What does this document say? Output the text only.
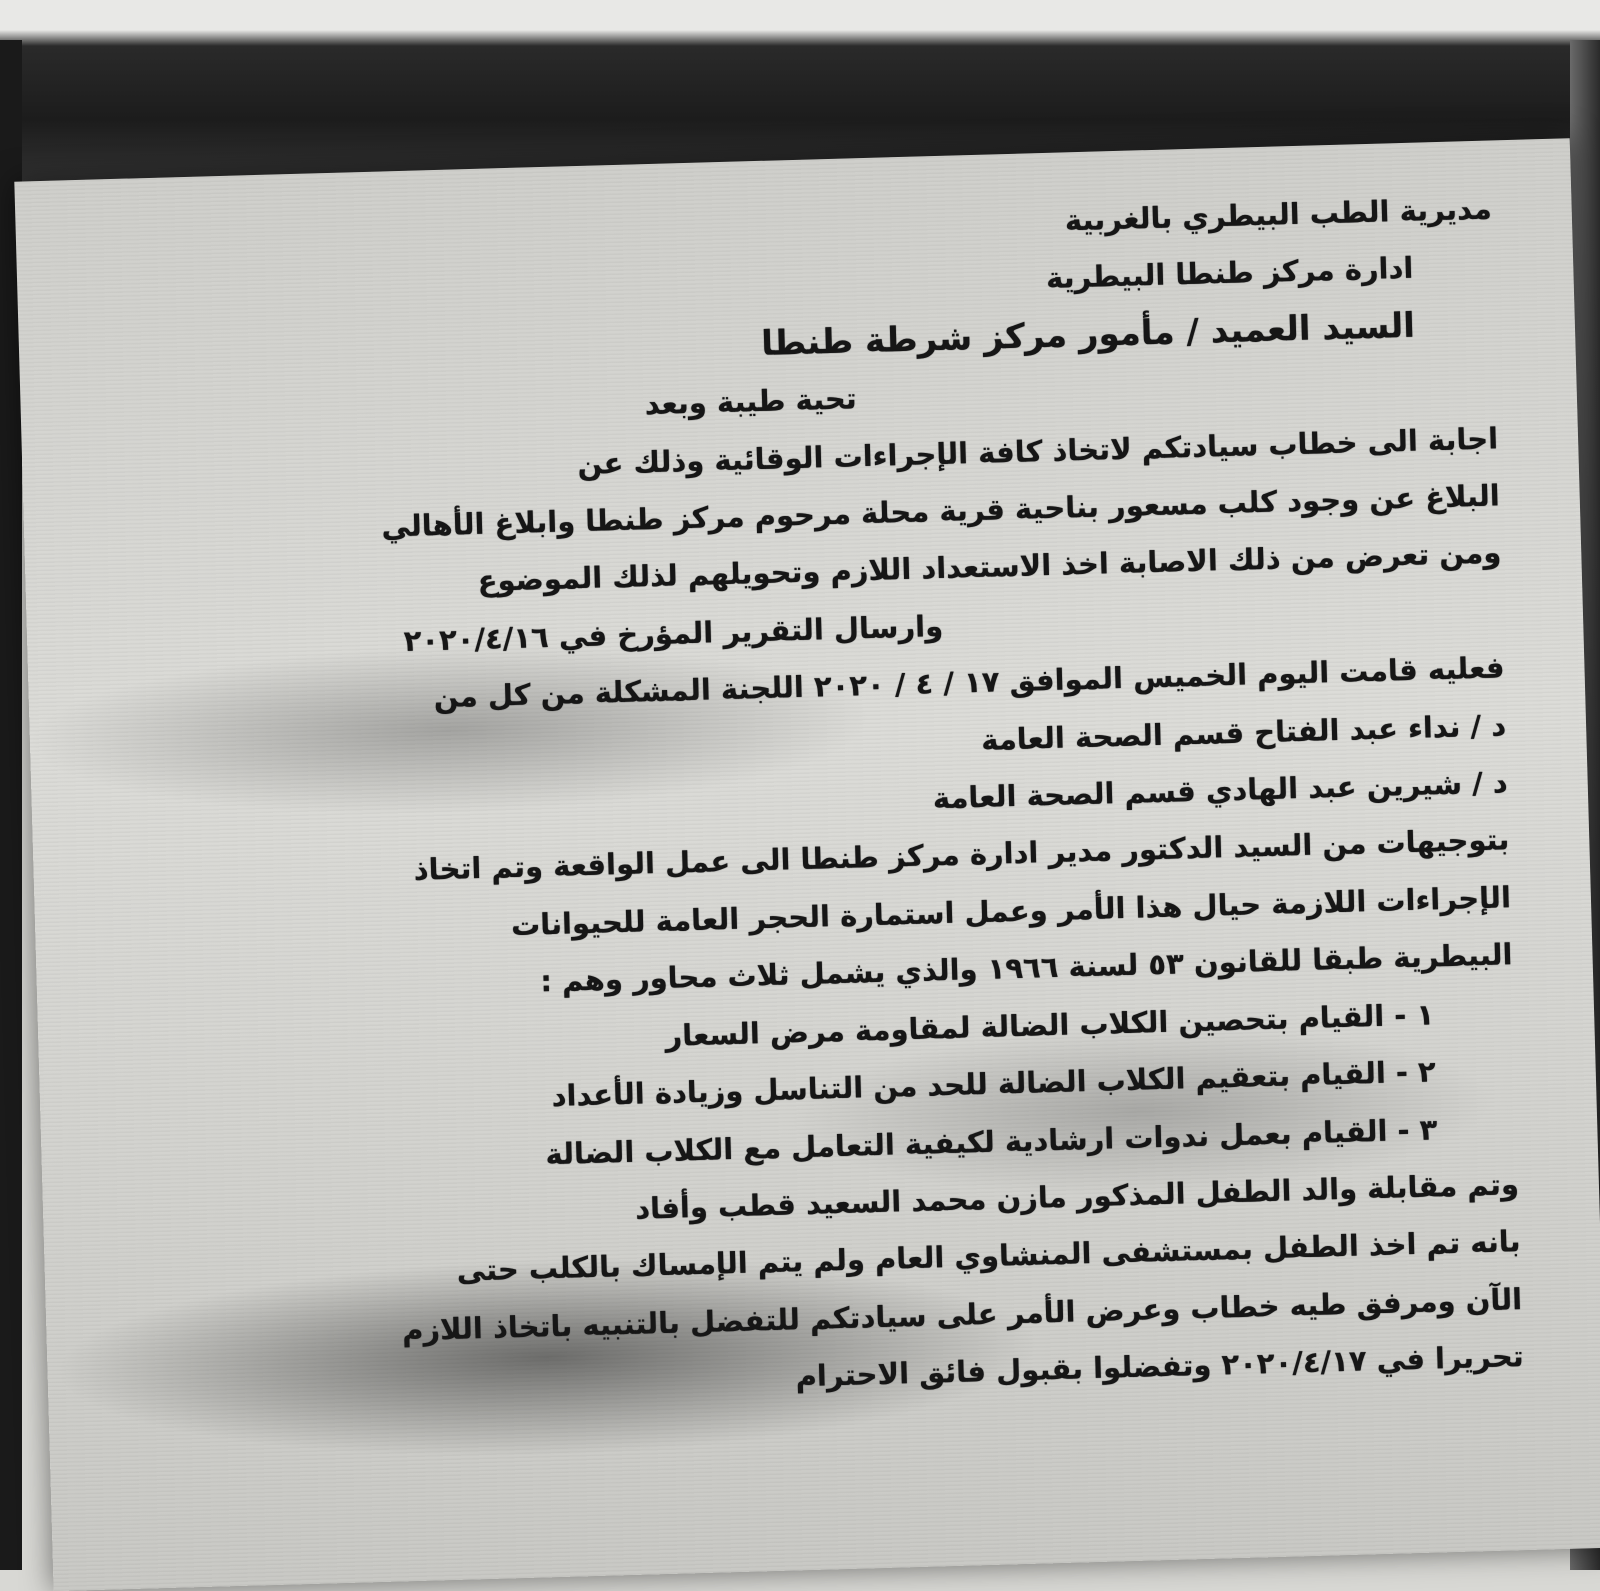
مديرية الطب البيطري بالغربية
ادارة مركز طنطا البيطرية
السيد العميد / مأمور مركز شرطة طنطا
تحية طيبة وبعد
اجابة الى خطاب سيادتكم لاتخاذ كافة الإجراءات الوقائية وذلك عن
البلاغ عن وجود كلب مسعور بناحية قرية محلة مرحوم مركز طنطا وابلاغ الأهالي
ومن تعرض من ذلك الاصابة اخذ الاستعداد اللازم وتحويلهم لذلك الموضوع
وارسال التقرير المؤرخ في ٢٠٢٠/٤/١٦
فعليه قامت اليوم الخميس الموافق ١٧ / ٤ / ٢٠٢٠ اللجنة المشكلة من كل من
د / نداء عبد الفتاح قسم الصحة العامة
د / شيرين عبد الهادي قسم الصحة العامة
بتوجيهات من السيد الدكتور مدير ادارة مركز طنطا الى عمل الواقعة وتم اتخاذ
الإجراءات اللازمة حيال هذا الأمر وعمل استمارة الحجر العامة للحيوانات
البيطرية طبقا للقانون ٥٣ لسنة ١٩٦٦ والذي يشمل ثلاث محاور وهم :
١ - القيام بتحصين الكلاب الضالة لمقاومة مرض السعار
٢ - القيام بتعقيم الكلاب الضالة للحد من التناسل وزيادة الأعداد
٣ - القيام بعمل ندوات ارشادية لكيفية التعامل مع الكلاب الضالة
وتم مقابلة والد الطفل المذكور مازن محمد السعيد قطب وأفاد
بانه تم اخذ الطفل بمستشفى المنشاوي العام ولم يتم الإمساك بالكلب حتى
الآن ومرفق طيه خطاب وعرض الأمر على سيادتكم للتفضل بالتنبيه باتخاذ اللازم
تحريرا في ٢٠٢٠/٤/١٧ وتفضلوا بقبول فائق الاحترام
